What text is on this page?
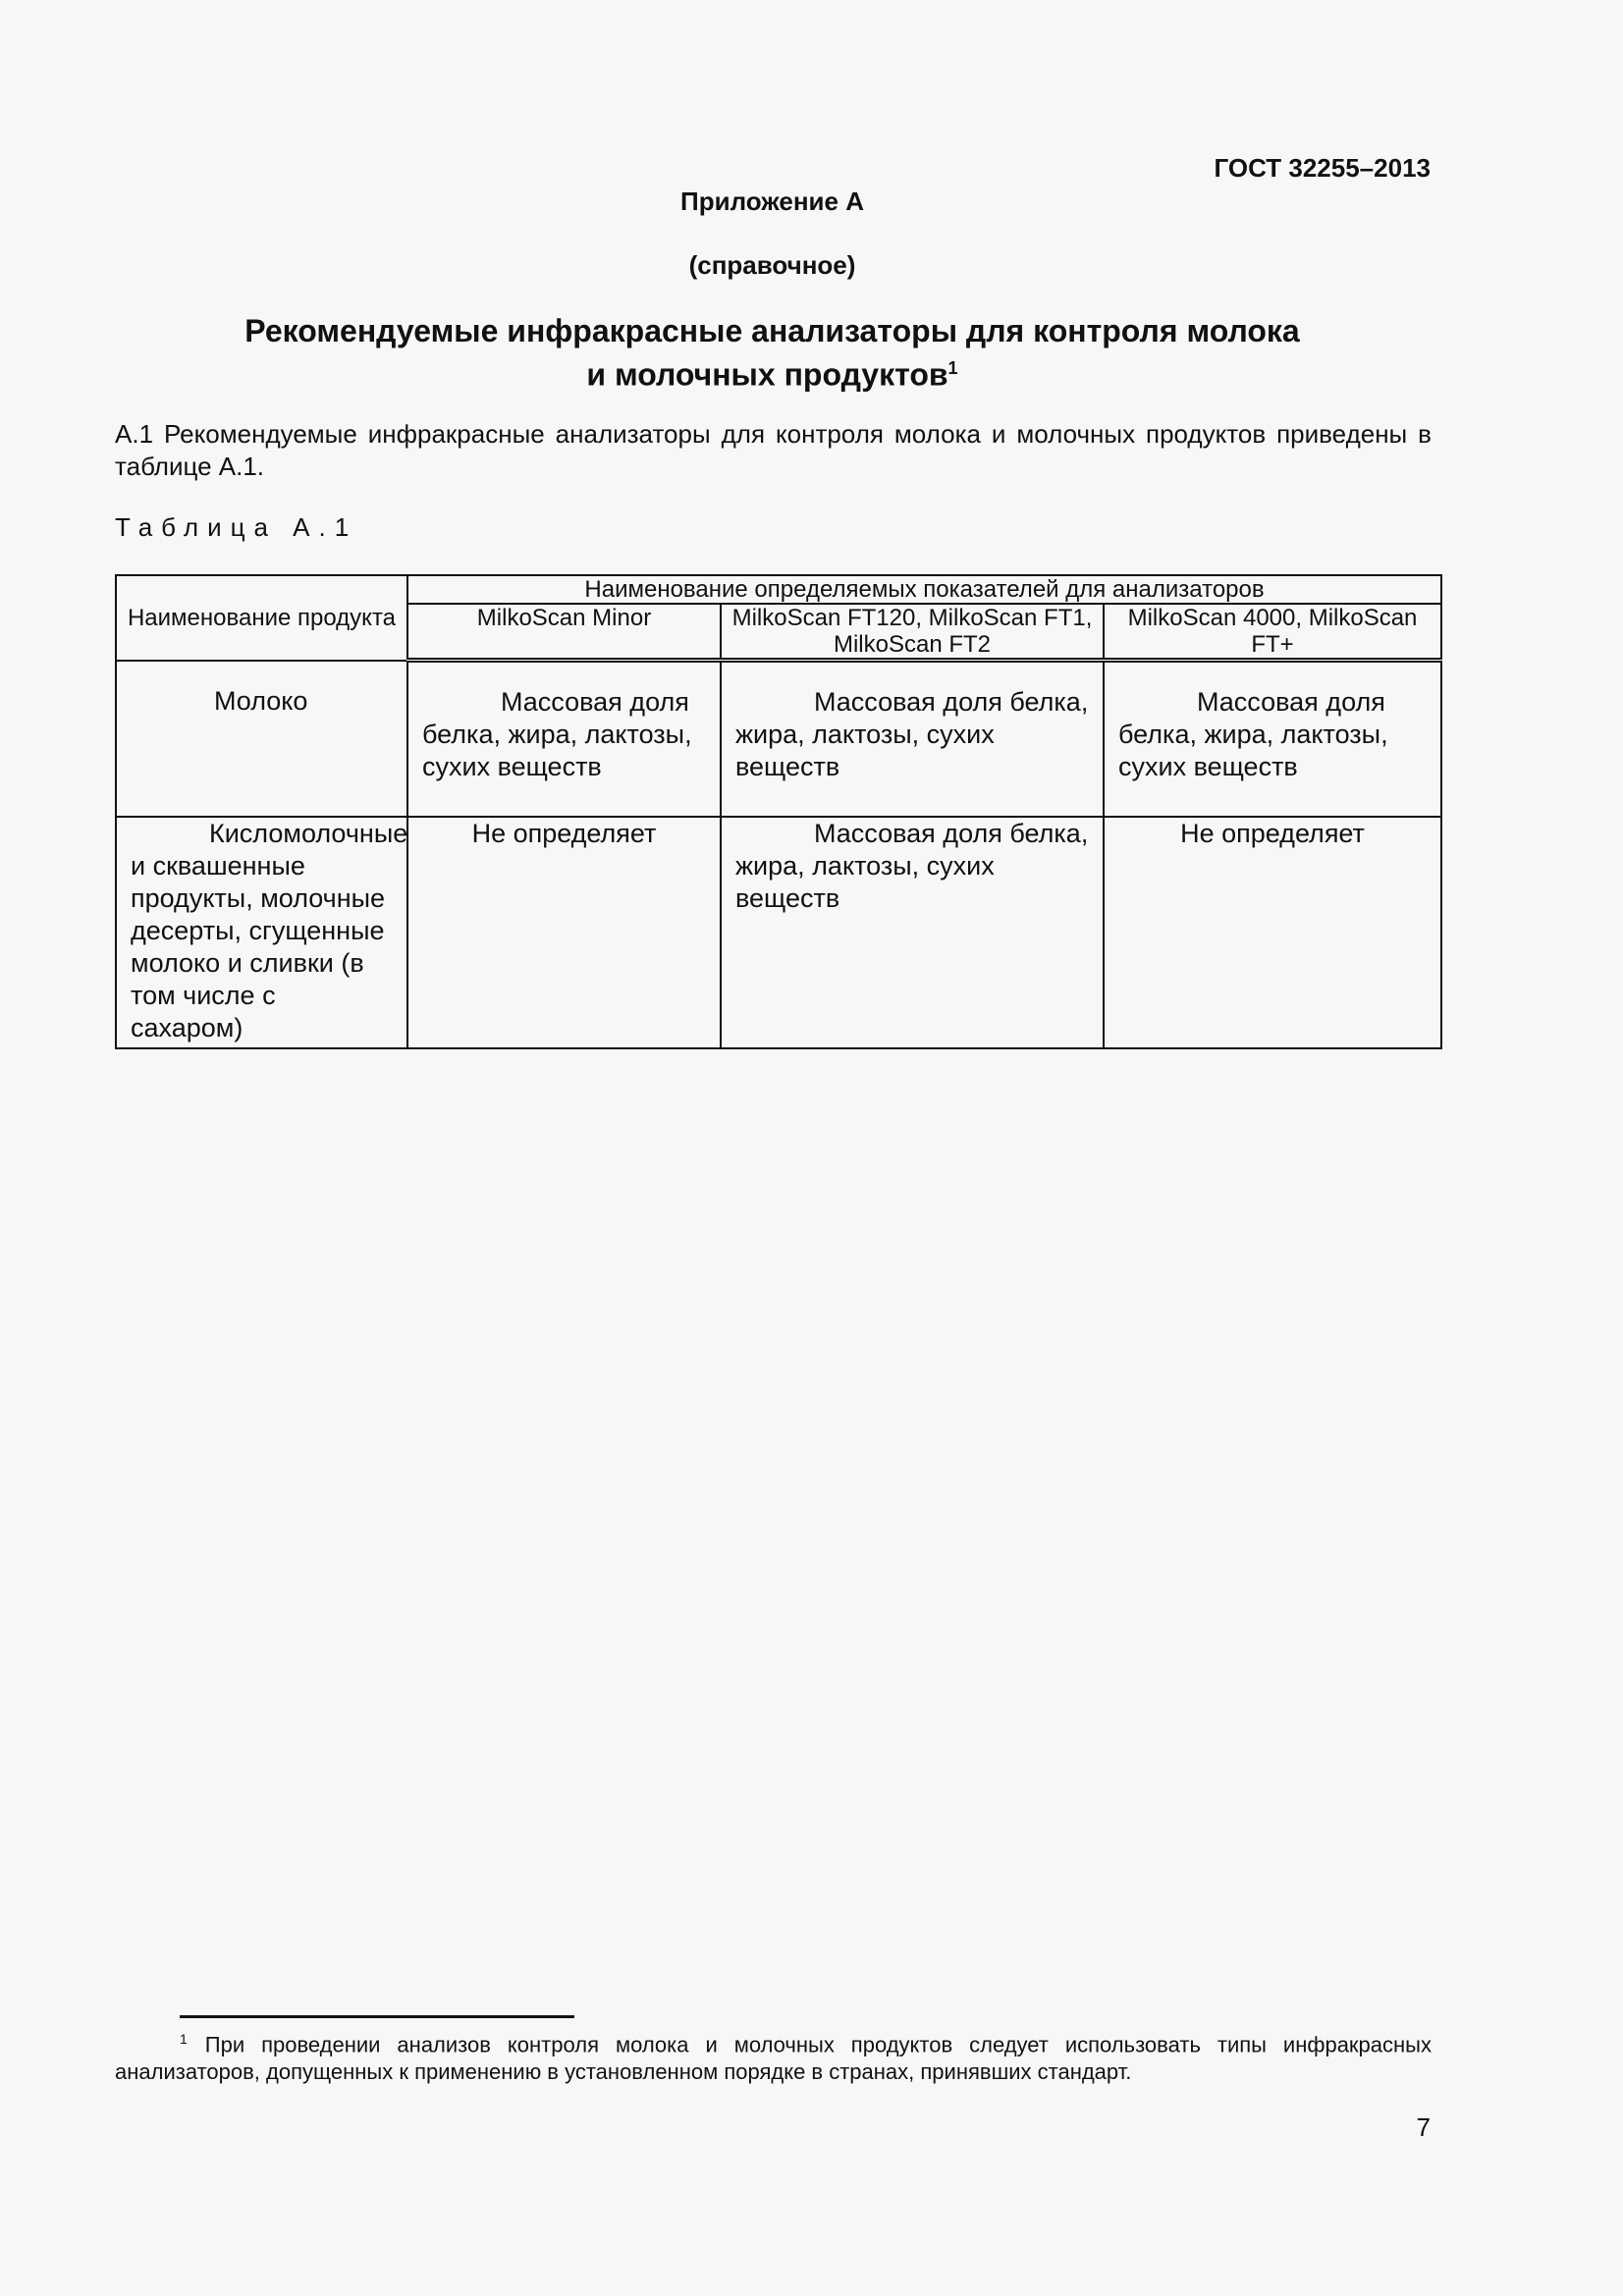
ГОСТ 32255–2013
Приложение А
(справочное)
Рекомендуемые инфракрасные анализаторы для контроля молока
и молочных продуктов$^1$
А.1 Рекомендуемые инфракрасные анализаторы для контроля молока и молочных продуктов приведены в таблице А.1.
Таблица А.1
Наименование продукта	Наименование определяемых показателей для анализаторов		
	MilkoScan Minor	MilkoScan FT120, MilkoScan FT1, MilkoScan FT2	MilkoScan 4000, MilkoScan FT+
Молоко	Массовая доля белка, жира, лактозы, сухих веществ	Массовая доля белка, жира, лактозы, сухих веществ	Массовая доля белка, жира, лактозы, сухих веществ
Кисломолочные и сквашенные продукты, молочные десерты, сгущенные молоко и сливки (в том числе с сахаром)	Не определяет	Массовая доля белка, жира, лактозы, сухих веществ	Не определяет
$^1$ При проведении анализов контроля молока и молочных продуктов следует использовать типы инфракрасных анализаторов, допущенных к применению в установленном порядке в странах, принявших стандарт.
7
